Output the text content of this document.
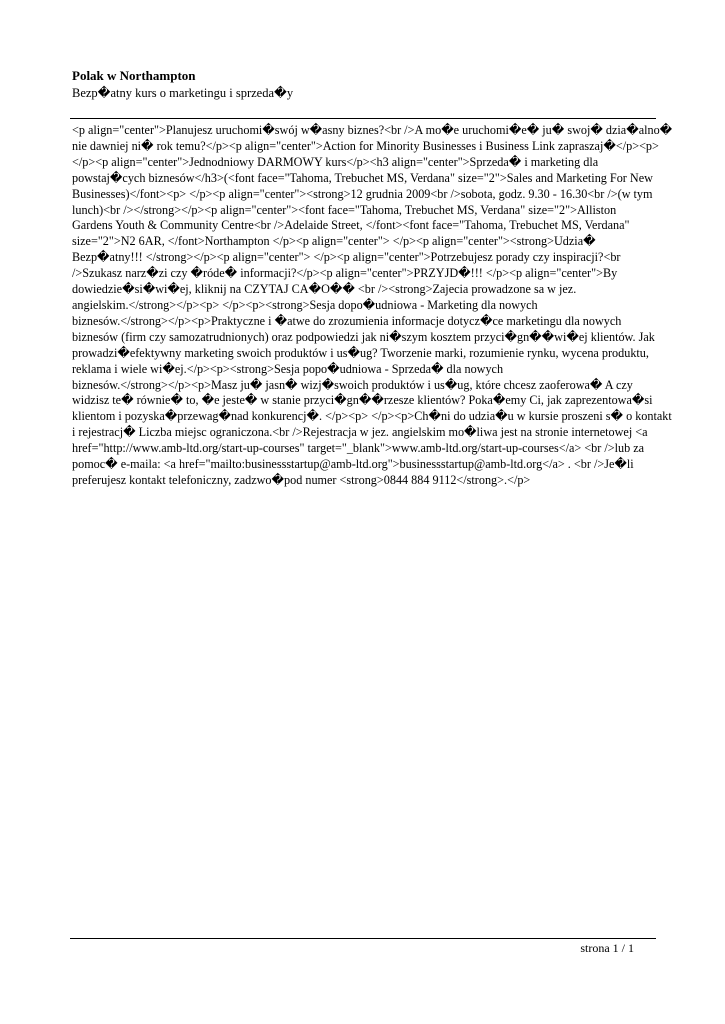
Polak w Northampton

Bezp�atny kurs o marketingu i sprzeda�y

<p align="center">Planujesz uruchomi�swój w�asny biznes?<br />A mo�e uruchomi�e� ju� swoj� dzia�alno�
nie dawniej ni� rok temu?</p><p align="center">Action for Minority Businesses i Business Link zapraszaj�</p><p>
</p><p align="center">Jednodniowy DARMOWY kurs</p><h3 align="center">Sprzeda� i marketing dla
powstaj�cych biznesów</h3>(<font face="Tahoma, Trebuchet MS, Verdana" size="2">Sales and Marketing For New
Businesses)</font><p> </p><p align="center"><strong>12 grudnia 2009<br />sobota, godz. 9.30 - 16.30<br />(w tym
lunch)<br /></strong></p><p align="center"><font face="Tahoma, Trebuchet MS, Verdana" size="2">Alliston
Gardens Youth & Community Centre<br />Adelaide Street, </font><font face="Tahoma, Trebuchet MS, Verdana"
size="2">N2 6AR, </font>Northampton </p><p align="center"> </p><p align="center"><strong>Udzia�
Bezp�atny!!! </strong></p><p align="center"> </p><p align="center">Potrzebujesz porady czy inspiracji?<br
/>Szukasz narz�zi czy �róde� informacji?</p><p align="center">PRZYJD�!!! </p><p align="center">By
dowiedzie�si�wi�ej, kliknij na CZYTAJ CA�O�� <br /><strong>Zajecia prowadzone sa w jez.
angielskim.</strong></p><p> </p><p><strong>Sesja dopo�udniowa - Marketing dla nowych
biznesów.</strong></p><p>Praktyczne i �atwe do zrozumienia informacje dotycz�ce marketingu dla nowych
biznesów (firm czy samozatrudnionych) oraz podpowiedzi jak ni�szym kosztem przyci�gn��wi�ej klientów. Jak
prowadzi�efektywny marketing swoich produktów i us�ug? Tworzenie marki, rozumienie rynku, wycena produktu,
reklama i wiele wi�ej.</p><p><strong>Sesja popo�udniowa - Sprzeda� dla nowych
biznesów.</strong></p><p>Masz ju� jasn� wizj�swoich produktów i us�ug, które chcesz zaoferowa� A czy
widzisz te� równie� to, �e jeste� w stanie przyci�gn��rzesze klientów? Poka�emy Ci, jak zaprezentowa�si
klientom i pozyska�przewag�nad konkurencj�. </p><p> </p><p>Ch�ni do udzia�u w kursie proszeni s� o kontakt
i rejestracj� Liczba miejsc ograniczona.<br />Rejestracja w jez. angielskim mo�liwa jest na stronie internetowej <a
href="http://www.amb-ltd.org/start-up-courses" target="_blank">www.amb-ltd.org/start-up-courses</a> <br />lub za
pomoc� e-maila: <a href="mailto:businessstartup@amb-ltd.org">businessstartup@amb-ltd.org</a> . <br />Je�li
preferujesz kontakt telefoniczny, zadzwo�pod numer <strong>0844 884 9112</strong>.</p>
strona 1 / 1
